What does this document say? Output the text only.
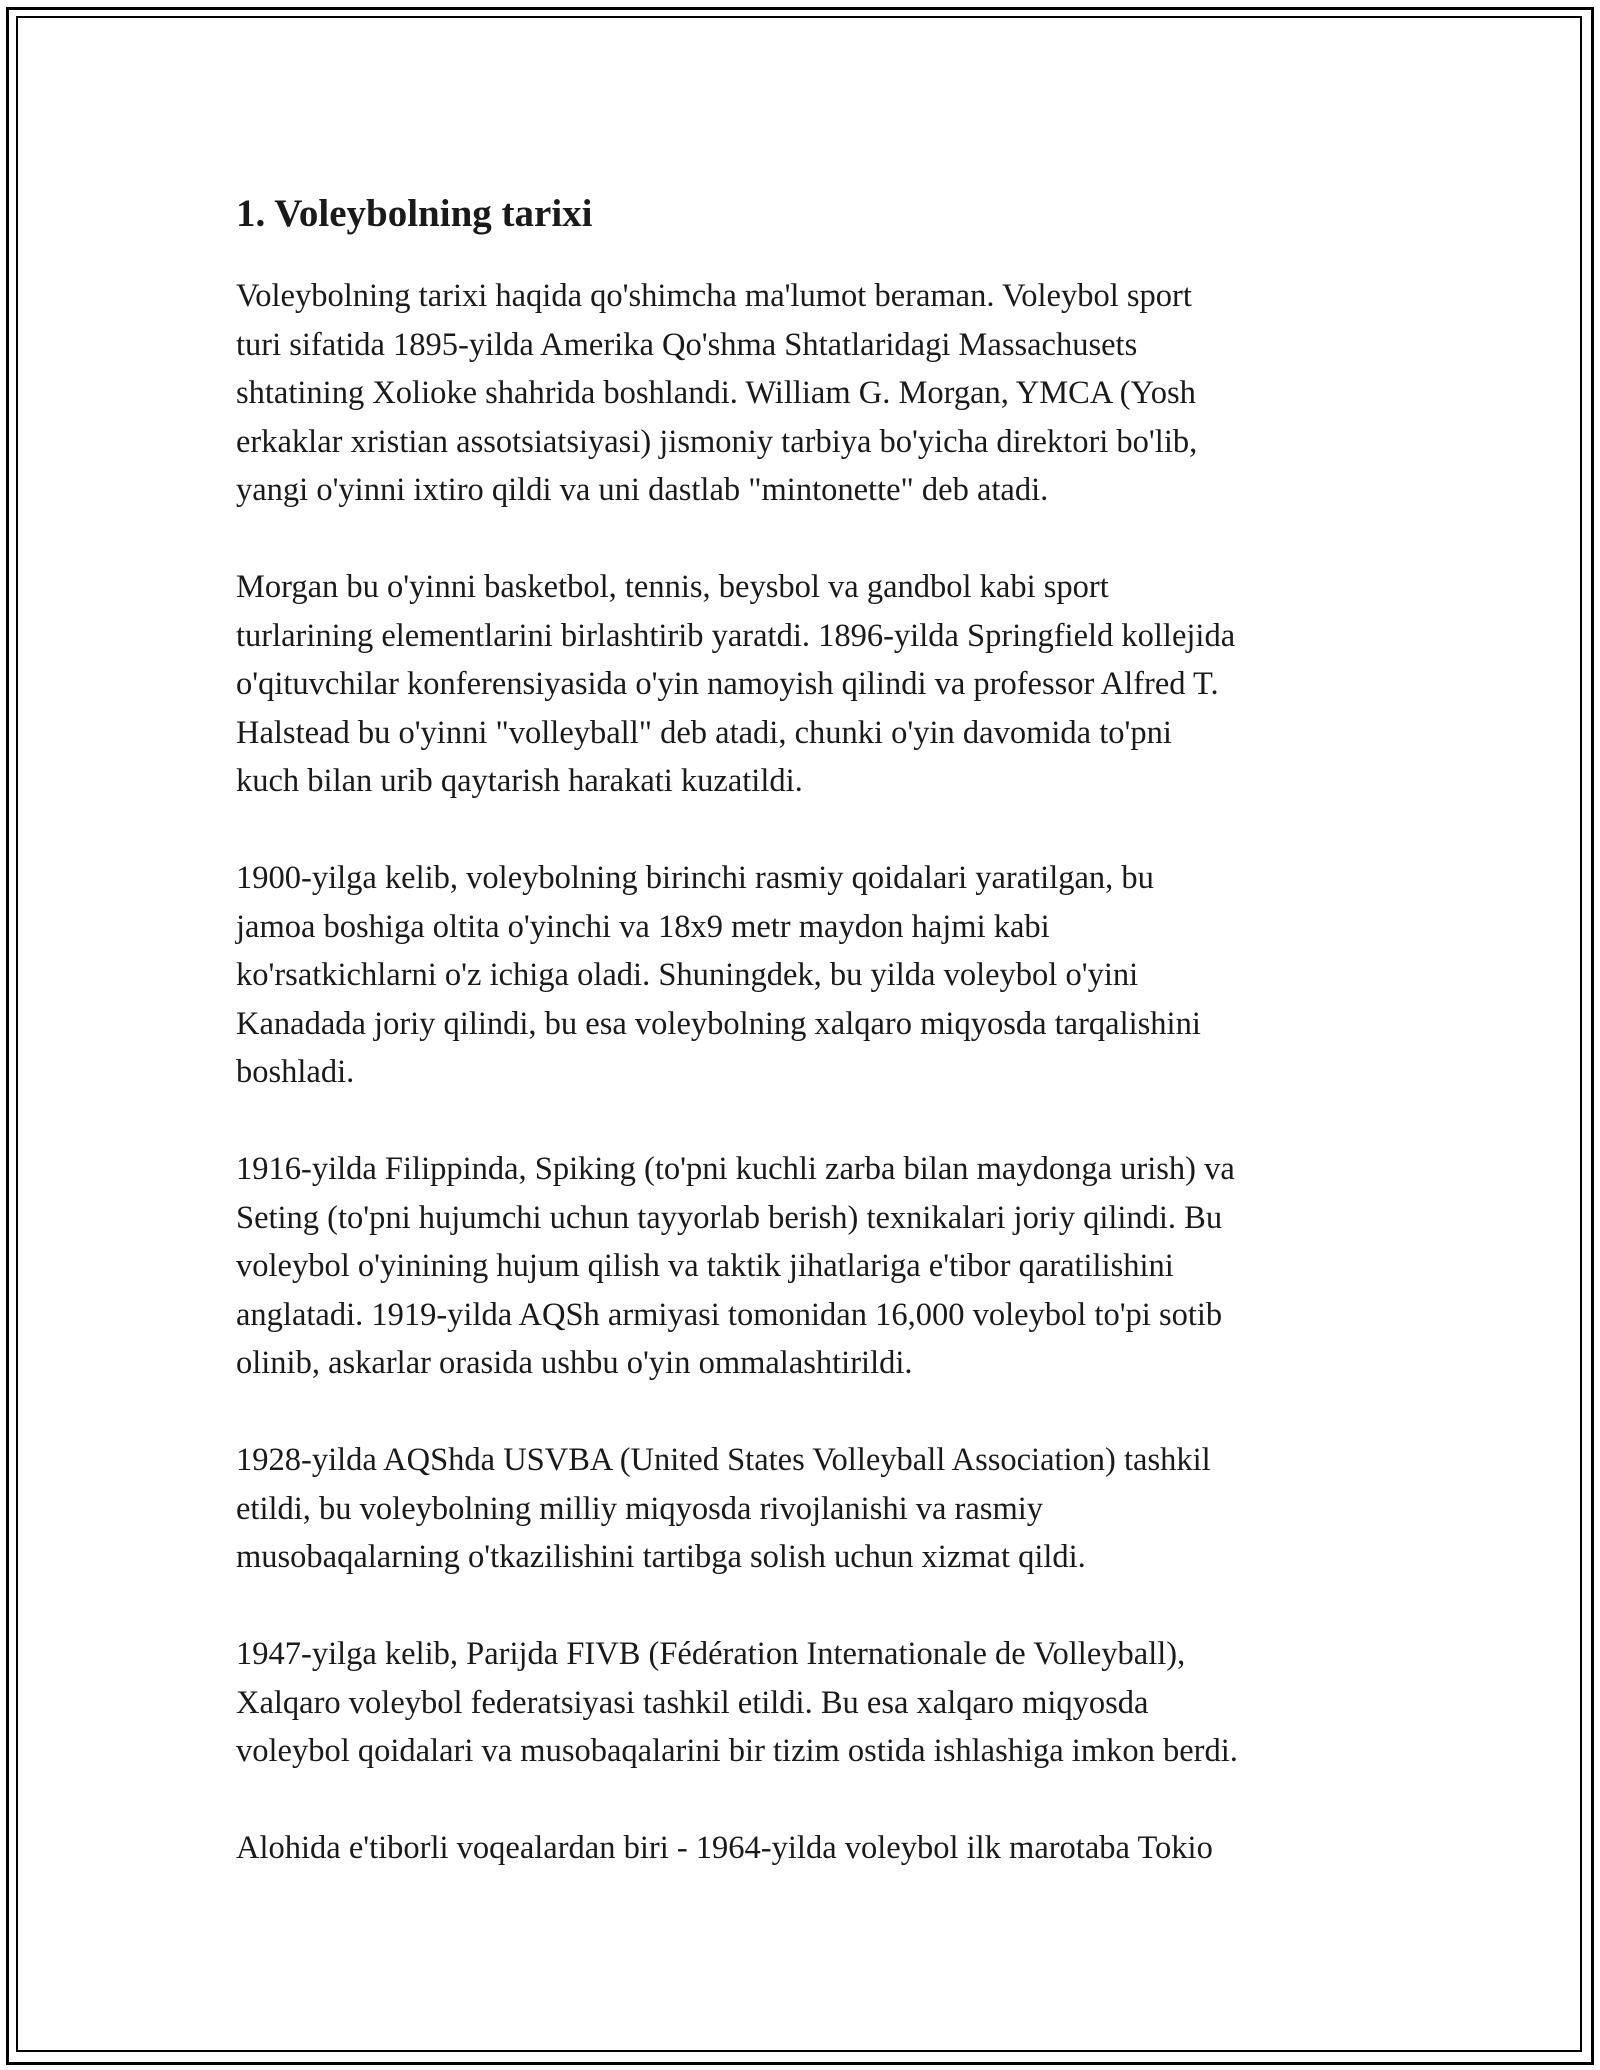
1. Voleybolning tarixi
Voleybolning tarixi haqida qo'shimcha ma'lumot beraman. Voleybol sport
turi sifatida 1895-yilda Amerika Qo'shma Shtatlaridagi Massachusets
shtatining Xolioke shahrida boshlandi. William G. Morgan, YMCA (Yosh
erkaklar xristian assotsiatsiyasi) jismoniy tarbiya bo'yicha direktori bo'lib,
yangi o'yinni ixtiro qildi va uni dastlab "mintonette" deb atadi.
Morgan bu o'yinni basketbol, tennis, beysbol va gandbol kabi sport
turlarining elementlarini birlashtirib yaratdi. 1896-yilda Springfield kollejida
o'qituvchilar konferensiyasida o'yin namoyish qilindi va professor Alfred T.
Halstead bu o'yinni "volleyball" deb atadi, chunki o'yin davomida to'pni
kuch bilan urib qaytarish harakati kuzatildi.
1900-yilga kelib, voleybolning birinchi rasmiy qoidalari yaratilgan, bu
jamoa boshiga oltita o'yinchi va 18x9 metr maydon hajmi kabi
ko'rsatkichlarni o'z ichiga oladi. Shuningdek, bu yilda voleybol o'yini
Kanadada joriy qilindi, bu esa voleybolning xalqaro miqyosda tarqalishini
boshladi.
1916-yilda Filippinda, Spiking (to'pni kuchli zarba bilan maydonga urish) va
Seting (to'pni hujumchi uchun tayyorlab berish) texnikalari joriy qilindi. Bu
voleybol o'yinining hujum qilish va taktik jihatlariga e'tibor qaratilishini
anglatadi. 1919-yilda AQSh armiyasi tomonidan 16,000 voleybol to'pi sotib
olinib, askarlar orasida ushbu o'yin ommalashtirildi.
1928-yilda AQShda USVBA (United States Volleyball Association) tashkil
etildi, bu voleybolning milliy miqyosda rivojlanishi va rasmiy
musobaqalarning o'tkazilishini tartibga solish uchun xizmat qildi.
1947-yilga kelib, Parijda FIVB (Fédération Internationale de Volleyball),
Xalqaro voleybol federatsiyasi tashkil etildi. Bu esa xalqaro miqyosda
voleybol qoidalari va musobaqalarini bir tizim ostida ishlashiga imkon berdi.
Alohida e'tiborli voqealardan biri - 1964-yilda voleybol ilk marotaba Tokio
